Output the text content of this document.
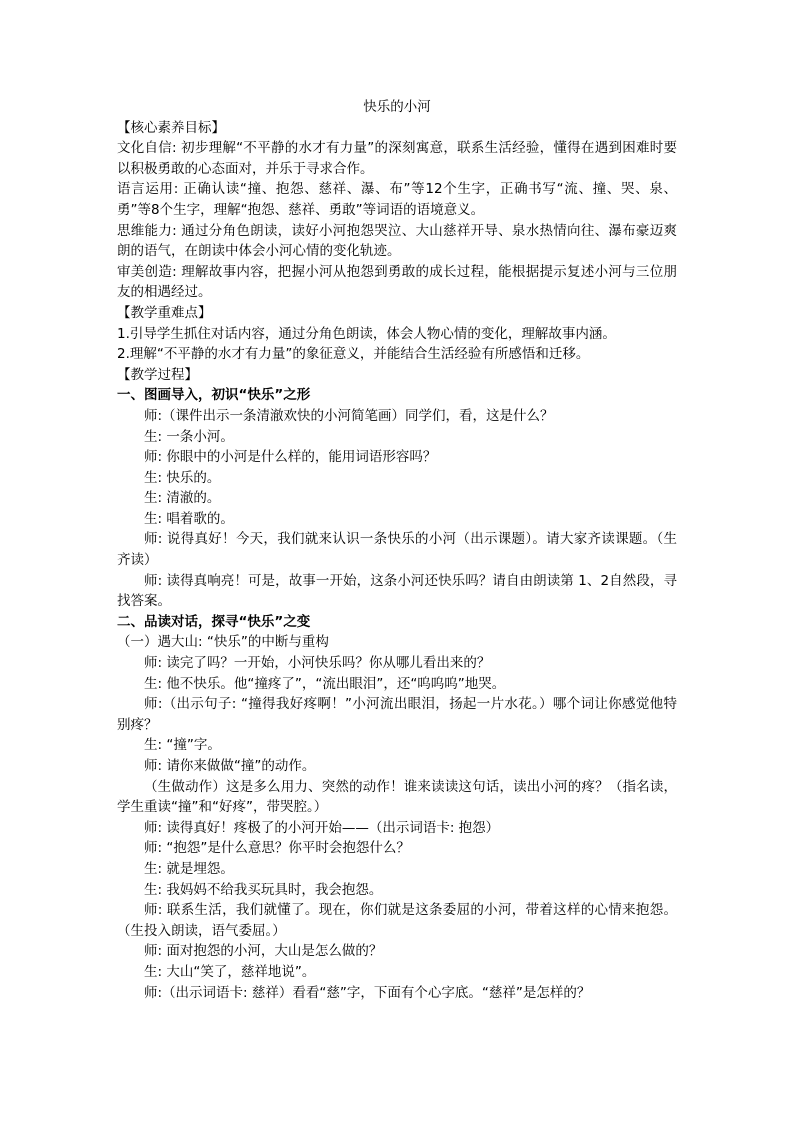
快乐的小河

【核心素养目标】

文化自信: 初步理解“不平静的水才有力量”的深刻寓意，联系生活经验，懂得在遇到困难时要以积极勇敢的心态面对，并乐于寻求合作。

语言运用: 正确认读“撞、抱怨、慈祥、瀑、布”等12个生字，正确书写“流、撞、哭、泉、勇”等8个生字，理解“抱怨、慈祥、勇敢”等词语的语境意义。

思维能力: 通过分角色朗读，读好小河抱怨哭泣、大山慈祥开导、泉水热情向往、瀑布豪迈爽朗的语气，在朗读中体会小河心情的变化轨迹。

审美创造: 理解故事内容，把握小河从抱怨到勇敢的成长过程，能根据提示复述小河与三位朋友的相遇经过。

【教学重难点】

1.引导学生抓住对话内容，通过分角色朗读，体会人物心情的变化，理解故事内涵。

2.理解“不平静的水才有力量”的象征意义，并能结合生活经验有所感悟和迁移。

【教学过程】

一、图画导入，初识“快乐”之形

师:（课件出示一条清澈欢快的小河简笔画）同学们，看，这是什么？

生: 一条小河。

师: 你眼中的小河是什么样的，能用词语形容吗？

生: 快乐的。

生: 清澈的。

生: 唱着歌的。

师: 说得真好！今天，我们就来认识一条快乐的小河（出示课题）。请大家齐读课题。（生齐读）

师: 读得真响亮！可是，故事一开始，这条小河还快乐吗？请自由朗读第 1、2自然段，寻找答案。

二、品读对话，探寻“快乐”之变

（一）遇大山: “快乐”的中断与重构

师: 读完了吗？一开始，小河快乐吗？你从哪儿看出来的？

生: 他不快乐。他“撞疼了”，“流出眼泪”，还“呜呜呜”地哭。

师:（出示句子: “撞得我好疼啊！”小河流出眼泪，扬起一片水花。）哪个词让你感觉他特别疼？

生: “撞”字。

师: 请你来做做“撞”的动作。

（生做动作）这是多么用力、突然的动作！谁来读读这句话，读出小河的疼？（指名读，学生重读“撞”和“好疼”，带哭腔。）

师: 读得真好！疼极了的小河开始——（出示词语卡: 抱怨）

师: “抱怨”是什么意思？你平时会抱怨什么？

生: 就是埋怨。

生: 我妈妈不给我买玩具时，我会抱怨。

师: 联系生活，我们就懂了。现在，你们就是这条委屈的小河，带着这样的心情来抱怨。（生投入朗读，语气委屈。）

师: 面对抱怨的小河，大山是怎么做的？

生: 大山“笑了，慈祥地说”。

师:（出示词语卡: 慈祥）看看“慈”字，下面有个心字底。“慈祥”是怎样的？
